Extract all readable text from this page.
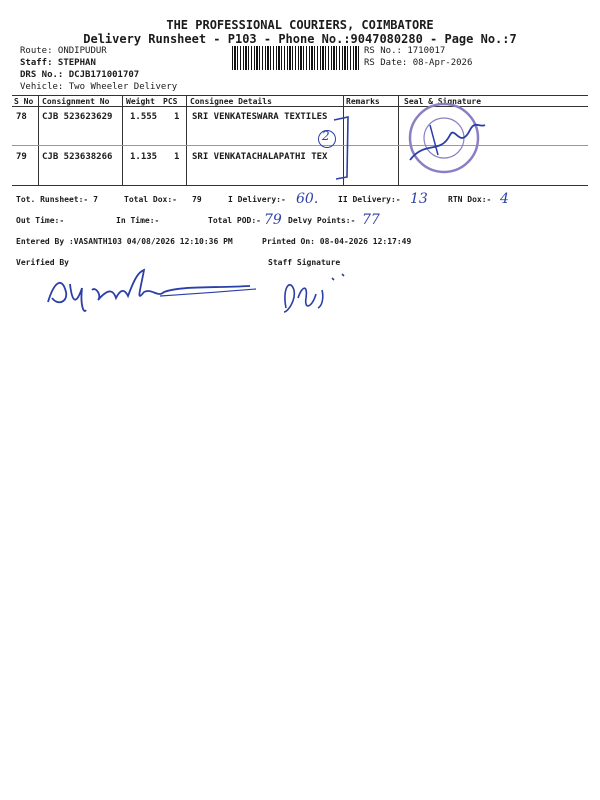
THE PROFESSIONAL COURIERS, COIMBATORE
Delivery Runsheet - P103 - Phone No.:9047080280 - Page No.:7
Route: ONDIPUDUR
Staff: STEPHAN
DRS No.: DCJB171001707
Vehicle: Two Wheeler Delivery
RS No.: 1710017
RS Date: 08-Apr-2026
S No Consignment No Weight PCS Consignee Details	Remarks	Seal & Signature
78 CJB 523623629 1.555 1 SRI VENKATESWARA TEXTILES
79 CJB 523638266 1.135 1 SRI VENKATACHALAPATHI TEX
2
Tot. Runsheet:- 7	Total Dox:- 79	I Delivery:- 60. II Delivery:- 13	RTN Dox:- 4
Out Time:-	In Time:-	Total POD:- 79 Delvy Points:- 77
Entered By :VASANTH103 04/08/2026 12:10:36 PM	Printed On: 08-04-2026 12:17:49
Verified By	Staff Signature
